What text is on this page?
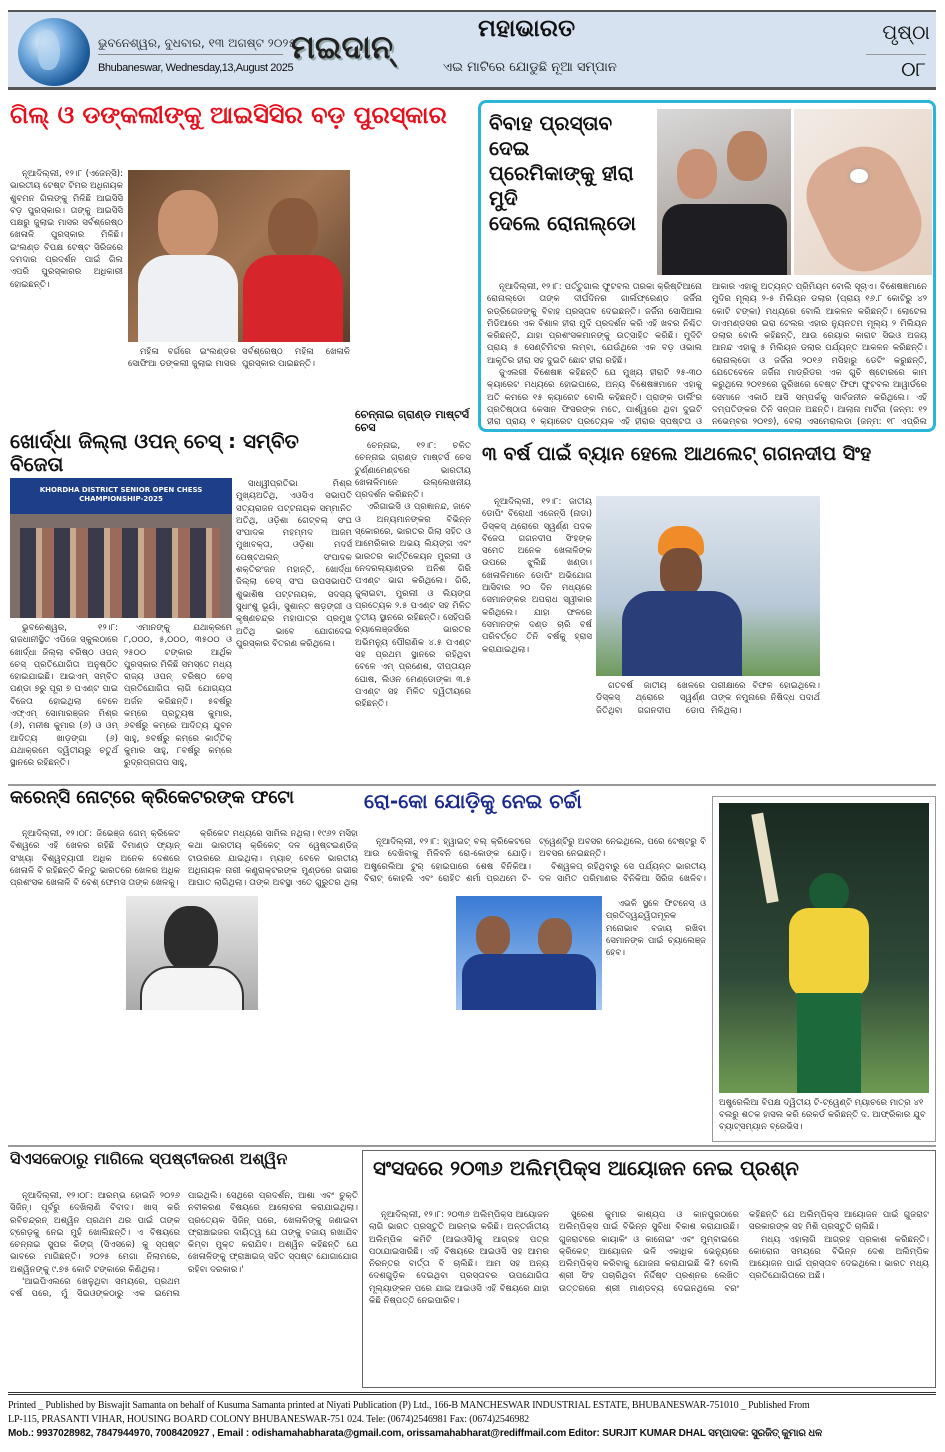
ଭୁବନେଶ୍ୱର, ବୁଧବାର, ୧୩ ଅଗଷ୍ଟ ୨୦୨୫
Bhubaneswar, Wednesday,13,August 2025
ମଇଦାନ୍	ମହାଭାରତ
ଏଇ ମାଟିରେ ଯୋଡୁଛି ନୂଆ ସମ୍ପାନ
ପୃଷ୍ଠା
୦୮
ଗିଲ୍ ଓ ଡଙ୍କଲୀଙ୍କୁ ଆଇସିସିର ବଡ଼ ପୁରସ୍କାର

ନୂଆଦିଲ୍ଲୀ, ୧୨।୮ (ଏଜେନ୍ସି): ଭାରତୀୟ ଟେଷ୍ଟ ଟିମର ଅଧିନାୟକ ଶୁବମନ ଗିଲଙ୍କୁ ମିଳିଛି ଆଇସିସି ବଡ଼ ପୁରସ୍କାର। ତାଙ୍କୁ ଆଇସିସି ପକ୍ଷରୁ ଜୁଲାଇ ମାସର ସର୍ବଶ୍ରେଷ୍ଠ ଖେଳାଳି ପୁରସ୍କାର ମିଳିଛି। ଇଂଲଣ୍ଡ ବିପକ୍ଷ ଟେଷ୍ଟ ସିରିଜରେ ଦମଦାର ପ୍ରଦର୍ଶନ ପାଇଁ ଗିଲ ଏପରି ପୁରସ୍କାରର ଅଧିକାରୀ ହୋଇଛନ୍ତି।

ମହିଳା ବର୍ଗରେ ଇଂଲଣ୍ଡର ସୋଫିଆ ଡଙ୍କଲୀ ଜୁଲାଇ ମାସର ସର୍ବଶ୍ରେଷ୍ଠ ମହିଳା ଖେଳାଳି ପୁରସ୍କାର ପାଇଛନ୍ତି।

ଚେନ୍ନାଇ ଗ୍ରାଣ୍ଡ ମାଷ୍ଟର୍ସ ଚେସ

ଚେନ୍ନାଇ, ୧୨।୮: ଚଳିତ ଚେନ୍ନାଇ ଗ୍ରାଣ୍ଡ ମାଷ୍ଟର୍ସ ଚେସ ଟୁର୍ଣ୍ଣାମେଣ୍ଟରେ ଭାରତୀୟ ଖେଳାଳିମାନେ ଉଲ୍ଲେଖନୀୟ ପ୍ରଦର୍ଶନ କରିଛନ୍ତି।

ଏରିଗାଇସି ଓ ପ୍ରଜ୍ଞାନନ୍ଦ, ଜାବେ ଓ ଅନ୍ୟମାନଙ୍କର ବିଭିନ୍ନ ସ୍କୋରରେ, ଭାରତର ଗିଲା ସହିତ ଓ ଆମେରିକାର ଅଭୟ ଲିୟଙ୍ଗ ଏବଂ ଭାରତର କାର୍ତ୍ତିକେୟନ ମୁରଲୀ ଓ ନେଦରଲ୍ୟାଣ୍ଡର ଅନିଶ ଗିରି ପଏଣ୍ଟ ଭାଗ କରିଥିଲେ। ଗିରି, ଜୁଲାଇଟା, ମୁରଲୀ ଓ ଲିୟଙ୍ଗ ପ୍ରତ୍ୟେକ ୨.୫ ପଏଣ୍ଟ ସହ ମିଳିତ ତୃତୀୟ ସ୍ଥାନରେ ରହିଛନ୍ତି। ସେହିପରି ଚ୍ୟାଲେଞ୍ଜର୍ସରେ ଭାରତର ଅଭିମନ୍ୟୁ ପୌରାଣିକ ୪.୫ ପଏଣ୍ଟ ସହ ପ୍ରଥମ ସ୍ଥାନରେ ରହିଥିବା ବେଳେ ଏମ୍ ପ୍ରଣେଶ, ଦୀପ୍ତାୟନ ଘୋଷ, ଲିଓନ ମେଣ୍ଡୋଙ୍କା ୩.୫ ପଏଣ୍ଟ ସହ ମିଳିତ ଦ୍ୱିତୀୟରେ ରହିଛନ୍ତି।

ବିବାହ ପ୍ରସ୍ତାବ ଦେଇ
ପ୍ରେମିକାଙ୍କୁ ହୀରା ମୁଦି
ଦେଲେ ରୋନାଲ୍ଡୋ

ନୂଆଦିଲ୍ଲୀ, ୧୨।୮: ପର୍ତ୍ତୁଗାଲ ଫୁଟବଲ ତାରକା କ୍ରିଷ୍ଟିଆନୋ ରୋନାଲ୍ଡୋ ତାଙ୍କ ଦୀର୍ଘଦିନର ଗାର୍ଲଫ୍ରେଣ୍ଡ ଜର୍ଜିନା ରଡ୍ରିଗେଜଙ୍କୁ ବିବାହ ପ୍ରସ୍ତାବ ଦେଇଛନ୍ତି। ଜର୍ଜିନା ସୋସିଆଲ ମିଡିଆରେ ଏକ ବିଶାଳ ହୀରା ମୁଦି ପ୍ରଦର୍ଶନ କରି ଏହି ଖବର ନିଶ୍ଚିତ କରିଛନ୍ତି, ଯାହା ପ୍ରଶଂସକମାନଙ୍କୁ ଉତ୍ସାହିତ କରିଛି। ମୁଦିଟି ପ୍ରାୟ ୫ ସେଣ୍ଟିମିଟର ଲମ୍ବା, ଯେଉଁଥିରେ ଏକ ବଡ଼ ଓଭାଲ ଆକୃତିର ହୀରା ସହ ଦୁଇଟି ଛୋଟ ହୀରା ରହିଛି।

ଜୁଏଲରୀ ବିଶେଷଜ୍ଞ କହିଛନ୍ତି ଯେ ମୁଖ୍ୟ ହୀରାଟି ୨୫-୩୦ କ୍ୟାରେଟ ମଧ୍ୟରେ ହୋଇପାରେ, ଅନ୍ୟ ବିଶେଷଜ୍ଞମାନେ ଏହାକୁ ଅତି କମରେ ୧୫ କ୍ୟାରେଟ ବୋଲି କହିଛନ୍ତି। ପ୍ରାଙ୍କ ଡାର୍ଲିଂର ପ୍ରତିଷ୍ଠାତା କେସାନ ଫିସରଙ୍କ ମତେ, ପାର୍ଶ୍ୱରେ ଥିବା ଦୁଇଟି ହୀରା ପ୍ରାୟ ୧ କ୍ୟାରେଟ ପ୍ରତ୍ୟେକ ଏହି ହୀରାର ସ୍ପଷ୍ଟତା ଓ ଆକାର ଏହାକୁ ଅତ୍ୟନ୍ତ ପ୍ରିମିୟମ ବୋଲି ସୂଚାଏ। ବିଶେଷଜ୍ଞମାନେ ମୁଦିର ମୂଲ୍ୟ ୨-୫ ମିଲିୟନ ଡଲାର (ପ୍ରାୟ ୧୬.୮ କୋଟିରୁ ୪୨ କୋଟି ଟଙ୍କା) ମଧ୍ୟରେ ବୋଲି ଆକଳନ କରିଛନ୍ତି। ଲୋଟେଲ ଡାଏମଣ୍ଡସର ଇରା ଟେଲର ଏହାର ନ୍ୟୁନତମ ମୂଲ୍ୟ ୨ ମିଲିୟନ ଡଲାର ବୋଲି କହିଛନ୍ତି, ଆଉ ରେୟାର କାରାଟ ସିଇଓ ଅଜୟ ଆନନ୍ଦ ଏହାକୁ ୫ ମିଲିୟନ ଡଲାର ପର୍ଯ୍ୟନ୍ତ ଆକଳନ କରିଛନ୍ତି। ରୋନାଲ୍ଡୋ ଓ ଜର୍ଜିନା ୨୦୧୬ ମସିହାରୁ ଡେଟିଂ କରୁଛନ୍ତି, ଯେତେବେଳେ ଜର୍ଜିନା ମାଡ୍ରିଡର ଏକ ଗୁଚି ଷ୍ଟୋରରେ କାମ କରୁଥିଲେ ୨୦୧୭ରେ ଜୁରିଖରେ ବେଷ୍ଟ ଫିଫା ଫୁଟବଲ ଆୱାର୍ଡରେ ସେମାନେ ଏକାଠି ଆସି ସମ୍ପର୍କକୁ ସାର୍ବଜନୀନ କରିଥିଲେ। ଏହି ଦମ୍ପତିଙ୍କର ତିନି ସନ୍ତାନ ଅଛନ୍ତି। ଆଲାନା ମାର୍ଟିନା (ଜନ୍ମ: ୧୨ ନଭେମ୍ବର ୨୦୧୭), ବେଲା ଏସମେରାଲଡା (ଜନ୍ମ: ୧୮ ଏପ୍ରିଲ

ଖୋର୍ଦ୍ଧା ଜିଲ୍ଲା ଓପନ୍ ଚେସ୍ : ସମ୍ବିତ ବିଜେତା
KHORDHA DISTRICT SENIOR OPEN CHESS CHAMPIONSHIP-2025

ସାଧ୍ୱୀପ୍ରତିଭା ମିଶ୍ର ମୁଖ୍ୟଅତିଥି, ଏଓସିଏ ସଭାପତି ସତ୍ୟରାଜନ ପଟ୍ଟନାୟକ ସମ୍ମାନିତ ଅତିଥି, ଓଡ଼ିଶା ଗେଟ୍‌ବଲ୍ ସଂଘ ସଂପାଦକ ମହମ୍ମଦ ଆଜମ ମୁଖାବକ୍ତା, ଓଡ଼ିଶା ମଦର୍ସ ପେଷ୍ଟଥଲନ୍ ସଂପାଦକ ଶକ୍ତିରଂଜନ ମହାନ୍ତି, ଖୋର୍ଦ୍ଧା ଜିଲ୍ଲା ଚେସ୍ ସଂଘ ଉପସଭାପତି ଶୁଭାଶିଷ ପଟ୍ଟନାୟକ, ସଦସ୍ୟ ସୁଧାଂଶୁ ଭୂୟାଁ, ସୁଶାନ୍ତ ଷଡ଼ଙ୍ଗୀ ଓ କୃଷ୍ଣଚନ୍ଦ୍ର ମହାପାତ୍ର ପ୍ରମୁଖ ଅତିଥି ଭାବେ ଯୋଗଦେଇ ପୁରସ୍କାର ବିତରଣ କରିଥିଲେ।

ଭୁବନେଶ୍ୱର, ୧୨।୮: ରାଜଧାନୀସ୍ଥିତ ଏପିଜେ ସ୍କୁଲଠାରେ ଖୋର୍ଦ୍ଧା ଜିଲ୍ଲା ବରିଷ୍ଠ ଓପନ୍ ଚେସ୍ ପ୍ରତିଯୋଗିତା ଅନୁଷ୍ଠିତ ହୋଇଯାଇଛି। ଆଇଏମ୍ ସମ୍ବିତ ପଣ୍ଡା ୭ରୁ ପୂରା ୭ ପଏଣ୍ଟ ପାଇ ବିଜେତା ହୋଇଥିଲା ବେଳେ ଏଫ୍ଏମ୍ ସୋମାରଞ୍ଜନ ମିଶ୍ର (୬), ମନୀଷ କୁମାର (୬) ଓ ଓମ୍ ଆଦିତ୍ୟ ଖାଡ଼ଙ୍ଗା (୬) ଯଥାକ୍ରମେ ଦ୍ୱିତୀୟରୁ ଚତୁର୍ଥ ସ୍ଥାନରେ ରହିଛନ୍ତି।

ଏମାନଙ୍କୁ ଯଥାକ୍ରମେ ୮,୦୦୦, ୫,୦୦୦, ୩୫୦୦ ଓ ୨୫୦୦ ଟଙ୍କାର ଆର୍ଥିକ ପୁରସ୍କାର ମିଳିଛି ସମସ୍ତେ ମଧ୍ୟ ରାଜ୍ୟ ଓପନ୍ ବରିଷ୍ଠ ଚେସ୍ ପ୍ରତିଯୋଗିତା ଲାଗି ଯୋଗ୍ୟତା ଅର୍ଜନ କରିଛନ୍ତି। ୫ବର୍ଷରୁ କମ୍‌ରେ ପ୍ରତ୍ୟୁଷ କୁମାର, ୬ବର୍ଷରୁ କମ୍‌ରେ ଆଦିତ୍ୟ ଯୁବନ ସାହୁ, ୭ବର୍ଷରୁ କମ୍‌ରେ କାର୍ତ୍ତିକ୍ କୁମାର ସାହୁ, ୮ବର୍ଷରୁ କମ୍‌ରେ ରୁଦ୍ରପ୍ରତାପ ସାହୁ,

୩ ବର୍ଷ ପାଇଁ ବ୍ୟାନ ହେଲେ ଆଥଲେଟ୍ ଗଗନଦୀପ ସିଂହ

ନୂଆଦିଲ୍ଲୀ, ୧୨।୮: ଜାତୀୟ ଡୋପିଂ ବିରୋଧୀ ଏଜେନ୍ସି (ନାଡା) ଡିସ୍କସ୍ ଥ୍ରୋରେ ସ୍ୱର୍ଣ୍ଣ ପଦକ ବିଜେତା ଗଗନଦୀପ ସିଂହଙ୍କ ସମେତ ଅନେକ ଖେଳାଳିଙ୍କ ଉପରେ ଝୁଲିଛି ଖଣ୍ଡା। ଖେଳାଳିମାନେ ଡୋପିଂ ଅଭିଯୋଗ ଆସିବାର ୨୦ ଦିନ ମଧ୍ୟରେ ସେମାନଙ୍କର ଅପରାଧ ସ୍ୱୀକାର କରିଥିଲେ। ଯାହା ଫଳରେ ସେମାନଙ୍କ ଦଣ୍ଡ ଚାରି ବର୍ଷ ପରିବର୍ତ୍ତେ ତିନି ବର୍ଷକୁ ହ୍ରାସ କରାଯାଇଥିଲା।

ଗତବର୍ଷ ଜାତୀୟ ଖେଳରେ ଡିସ୍କସ୍ ଥ୍ରୋରେ ସ୍ୱର୍ଣ୍ଣ ଜିତିଥିବା ଗଗନଦୀପ ଡୋପ ପରୀକ୍ଷାରେ ବିଫଳ ହୋଇଥିଲେ। ତାଙ୍କ ନମୁନାରେ ନିଷିଦ୍ଧ ପଦାର୍ଥ ମିଳିଥିଲା।

କରେନ୍ସି ନୋଟ୍‌ରେ କ୍ରିକେଟରଙ୍କ ଫଟୋ

ନୂଆଦିଲ୍ଲୀ, ୧୨।୦୮: ଜିଭେଞ୍ଜ ଗେମ୍ କ୍ରିକେଟ ବିଶ୍ୱରେ ଏହି ଖେଳର ରହିଛି ବିମାଣ୍ଡ ଫ୍ୟାନ୍ ସଂଖ୍ୟା ବିଶ୍ୱବ୍ୟାପୀ ଅଧିକ ଅନେକ ଦେଶରେ ଖେଳାଳି ବି ରହିଛନ୍ତି କିନ୍ତୁ ଭାରତରେ ଖେଳର ଅଧିକ ପ୍ରଶଂସକ ଖେଳାଳି ବି ବେଶ୍ ଫେମସ ତାଙ୍କ ଖେଳକୁ।

କ୍ରିକେଟ ମଧ୍ୟରେ ସାମିଲ ନଥିଲା। ୧୯୬୨ ମସିହା କଥା ଭାରତୀୟ କ୍ରିକେଟ୍ ଦଳ ୱେଷ୍ଟଇଣ୍ଡିଜ୍ ଟାଉରରେ ଯାଇଥିଲା। ମ୍ୟାଚ୍ ବେଳେ ଭାରତୀୟ ଅଧିନାୟକ ନାରୀ କଣ୍ଟ୍ରାକ୍ଟରଙ୍କ ମୁଣ୍ଡରେ ଗଭୀର ଆଘାତ ଲାଗିଥିଲା। ତାଙ୍କ ଅବସ୍ଥା ଏତେ ଗୁରୁତର ଥିଲା

ରୋ-କୋ ଯୋଡ଼ିକୁ ନେଇ ଚର୍ଚ୍ଚା

ନୂଆଦିଲ୍ଲୀ, ୧୨।୮: ହ୍ୱାଇଟ୍ ବଲ୍ କ୍ରିକେଟରେ ଆଉ ଦେଖିବାକୁ ମିଳିବନି ରୋ-କୋଙ୍କ ଯୋଡ଼ି। ଅଷ୍ଟ୍ରେଲିଆ ଟୁର୍ ହୋଇପାରେ ଶେଷ ବିନିକିଆ। ବିରାଟ୍ କୋହଲି ଏବଂ ରୋହିତ ଶର୍ମା ପ୍ରଥମେ ଟି-ଟ୍ୱେଣ୍ଟିରୁ ଅବସର ନେଇଥିଲେ, ପରେ ଟେଷ୍ଟରୁ ବି ଅବସର ନେଇଛନ୍ତି।

ବିଶ୍ୱକପ୍ ରହିଥିବାରୁ ସେ ପର୍ଯ୍ୟନ୍ତ ଭାରତୀୟ ଦଳ ସାମିତ ପରିମାଣର ବିନିକିଆ ସିରିଜ ଖେଳିବ।

ଏଭଳି ସ୍ଥଳେ ଫିଟନେସ୍ ଓ ପ୍ରତିଦ୍ୱନ୍ଦ୍ୱିତାମୂଳକ ମନୋଭାବ ବଜାୟ ରଖିବା ସେମାନଙ୍କ ପାଇଁ ଚ୍ୟାଲେଞ୍ଜ ହେବ।

ଅଷ୍ଟ୍ରେଲିଆ ବିପକ୍ଷ ଦ୍ୱିତୀୟ ଟି-ଟ୍ୱେଣ୍ଟି ମ୍ୟାଚରେ ମାତ୍ର ୪୧ ବଲରୁ ଶତକ ହାସଲ କରି ରେକର୍ଡ କରିଛନ୍ତି ଦ. ଆଫ୍ରିକାର ଯୁବ ବ୍ୟାଟ୍ସମ୍ୟାନ ବ୍ରେଭିସ।
ସିଏସକେଠାରୁ ମାଗିଲେ ସ୍ପଷ୍ଟୀକରଣ ଅଶ୍ୱିନ

ନୂଆଦିଲ୍ଲୀ, ୧୨।୦୮: ଆରମ୍ଭ ହୋଇନି ୨୦୨୬ ସିଜିନ୍। ପୂର୍ବରୁ ଦେଖିଲାଣି ବିବାଦ। ଖାସ୍ କରି ରବିଚନ୍ଦ୍ରନ୍ ଅଶ୍ୱିନ ପ୍ରଥମ ଥର ପାଇଁ ତାଙ୍କ ଟ୍ରେଡ଼କୁ ନେଇ ମୁହଁ ଖୋଲିଛନ୍ତି। ଏ ବିଷୟରେ ଚେନ୍ନାଇ ସୁପର କିଙ୍ଗ୍ (ସିଏସକେ) କୁ ସ୍ପଷ୍ଟ ଭାବରେ ମାଗିଛନ୍ତି। ୨୦୨୫ ମେଗା ନିଲାମରେ, ଅଶ୍ୱିନଙ୍କୁ ୯.୭୫ କୋଟି ଟଙ୍କାରେ କିଣିଥିଲା।

'ଆଇପିଏଲରେ ଖେଳୁଥିବା ସମୟରେ, ପ୍ରଥମ ବର୍ଷ ପରେ, ମୁଁ ସିଇଓଙ୍କଠାରୁ ଏକ ଇମେଲ ପାଇଥିଲି। ସେଥିରେ ପ୍ରଦର୍ଶନ, ଆଶା ଏବଂ ଚୁକ୍ତି ନବୀକରଣ ବିଷୟରେ ଆଲୋଚନା କରାଯାଇଥିଲା। ପ୍ରତ୍ୟେକ ସିଜିନ୍ ପରେ, ଖେଳାଳିଙ୍କୁ ଜଣାଇବା ଫ୍ରାଞ୍ଚାଇଜର ଦାୟିତ୍ୱ ଯେ ତାଙ୍କୁ ବଜାୟ ରଖାଯିବ କିମ୍ବା ମୁକ୍ତ କରାଯିବ। ଅଶ୍ୱିନ କହିଛନ୍ତି ଯେ ଖେଳାଳିଙ୍କୁ ଫ୍ରାଞ୍ଚାଇଜ୍ ସହିତ ସ୍ପଷ୍ଟ ଯୋଗାଯୋଗ ରହିବା ଦରକାର।'

ସଂସଦରେ ୨୦୩୬ ଅଲିମ୍ପିକ୍ସ ଆୟୋଜନ ନେଇ ପ୍ରଶ୍ନ

ନୂଆଦିଲ୍ଲୀ, ୧୨।୮: ୨୦୩୬ ଅଲିମ୍ପିକ୍ସ ଆୟୋଜନ ଲାଗି ଭାରତ ପ୍ରସ୍ତୁତି ଆରମ୍ଭ କରିଛି। ଅନ୍ତର୍ଜାତୀୟ ଅଲିମ୍ପିକ କମିଟି (ଆଇଓସି)କୁ ଆଗ୍ରହ ପତ୍ର ପଠାଯାଇସାରିଛି। ଏହି ବିଷୟରେ ଆଇଓସି ସହ ଆମର ନିରନ୍ତର ବାର୍ତ୍ତା ବି ଚାଲିଛି। ଆମ ସହ ଅନ୍ୟ ଦେଶଗୁଡ଼ିକ ଦେଇଥିବା ପ୍ରସ୍ତାବର ଉପଯୋଗିତା ମୂଲ୍ୟାଙ୍କନ ପରେ ଯାଇ ଆଇଓସି ଏହି ବିଷୟରେ ଯାହା କିଛି ନିଷ୍ପତ୍ତି ନେଇପାରିବ।

ସୁରେଶ କୁମାର କାଶ୍ୟପ ଓ କାନପୁରଠାରେ ଅଲିମ୍ପିକ୍ସ ପାଇଁ ବିଭିନ୍ନ ସୁବିଧା ବିକାଶ କରାଯାଉଛି। ଗୁଜରାଟରେ କାୟାକିଂ ଓ କାନୋଇଂ ଏବଂ ମୁମ୍ବାଇରେ କ୍ରିକେଟ୍ ଆୟୋଜନ ଭଳି ଏକାଧିକ ଭେନ୍ୟୁରେ ଅଲିମ୍ପିକ୍ସ କରିବାକୁ ଯୋଜନା କରାଯାଇଛି କି? ବୋଲି ଶ୍ରୀ ସିଂହ ପଚାରିଥିବା ନିର୍ଦ୍ଦିଷ୍ଟ ପ୍ରଶ୍ନର ଲେଖିତ ଉତ୍ତରରେ ଶ୍ରୀ ମାଣ୍ଡବ୍ୟ ଦେଇନଥିଲେ ବରଂ କହିଛନ୍ତି ଯେ ଅଲିମ୍ପିକ୍ସ ଆୟୋଜନ ପାଇଁ ଗୁଜରାଟ ସରକାରଙ୍କ ସହ ମିଶି ପ୍ରସ୍ତୁତି ଚାଲିଛି।

ମଧ୍ୟ ଏହାଲାଗି ଆଗ୍ରହ ପ୍ରକାଶ କରିଛନ୍ତି। କୋରୋନା ସମୟରେ ବିଭିନ୍ନ ଦେଶ ଅଲିମ୍ପିକ ଆୟୋଜନ ପାଇଁ ପ୍ରସ୍ତାବ ଦେଇଥିଲେ। ଭାରତ ମଧ୍ୟ ପ୍ରତିଯୋଗିତାରେ ଅଛି।

Printed _ Published by Biswajit Samanta on behalf of Kusuma Samanta printed at Niyati Publication (P) Ltd., 166-B MANCHESWAR INDUSTRIAL ESTATE, BHUBANESWAR-751010 _ Published From
LP-115, PRASANTI VIHAR, HOUSING BOARD COLONY BHUBANESWAR-751 024. Tele: (0674)2546981 Fax: (0674)2546982
Mob.: 9937028982, 7847944970, 7008420927 , Email : odishamahabharata@gmail.com, orissamahabharat@rediffmail.com Editor: SURJIT KUMAR DHAL ସମ୍ପାଦକ: ସୁରଜିତ୍ କୁମାର ଧଳ
